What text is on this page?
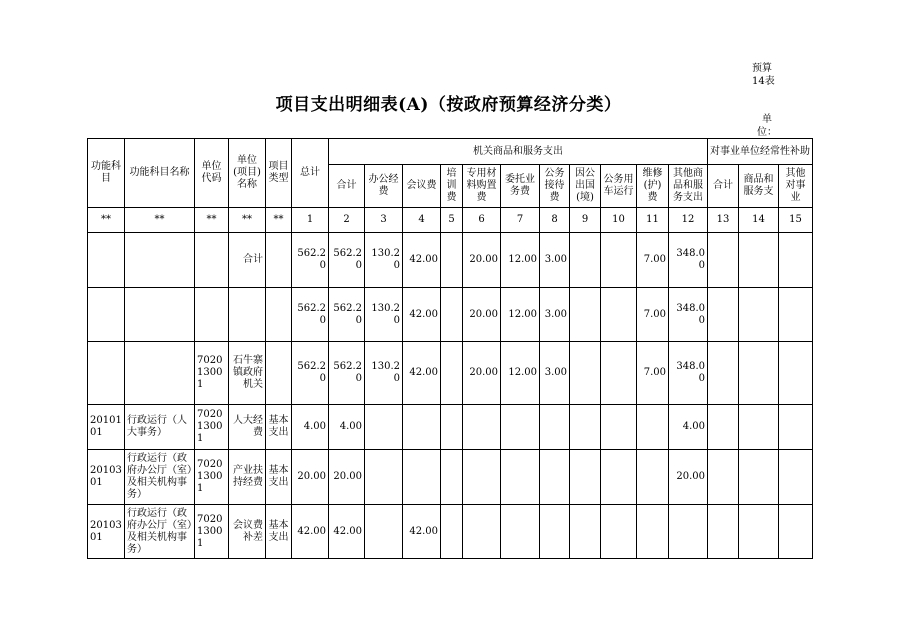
预算14表
项目支出明细表(A)（按政府预算经济分类）
单位：
功能科目	功能科目名称	单位代码	单位(项目)名称	项目类型	总计	机关商品和服务支出											对事业单位经常性补助		
						合计	办公经费	会议费	培训费	专用材料购置费	委托业务费	公务接待费	因公出国(境)	公务用车运行	维修(护)费	其他商品和服务支出	合计	商品和服务支	其他对事业
**	**	**	**	**	1	2	3	4	5	6	7	8	9	10	11	12	13	14	15
			合计		562.20	562.20	130.20	42.00		20.00	12.00	3.00			7.00	348.00			
					562.20	562.20	130.20	42.00		20.00	12.00	3.00			7.00	348.00			
		702013001	石牛寨镇政府机关		562.20	562.20	130.20	42.00		20.00	12.00	3.00			7.00	348.00			
2010101	行政运行（人大事务）	702013001	人大经费	基本支出	4.00	4.00										4.00			
2010301	行政运行（政府办公厅（室）及相关机构事务）	702013001	产业扶持经费	基本支出	20.00	20.00										20.00			
2010301	行政运行（政府办公厅（室）及相关机构事务）	702013001	会议费补差	基本支出	42.00	42.00		42.00											
